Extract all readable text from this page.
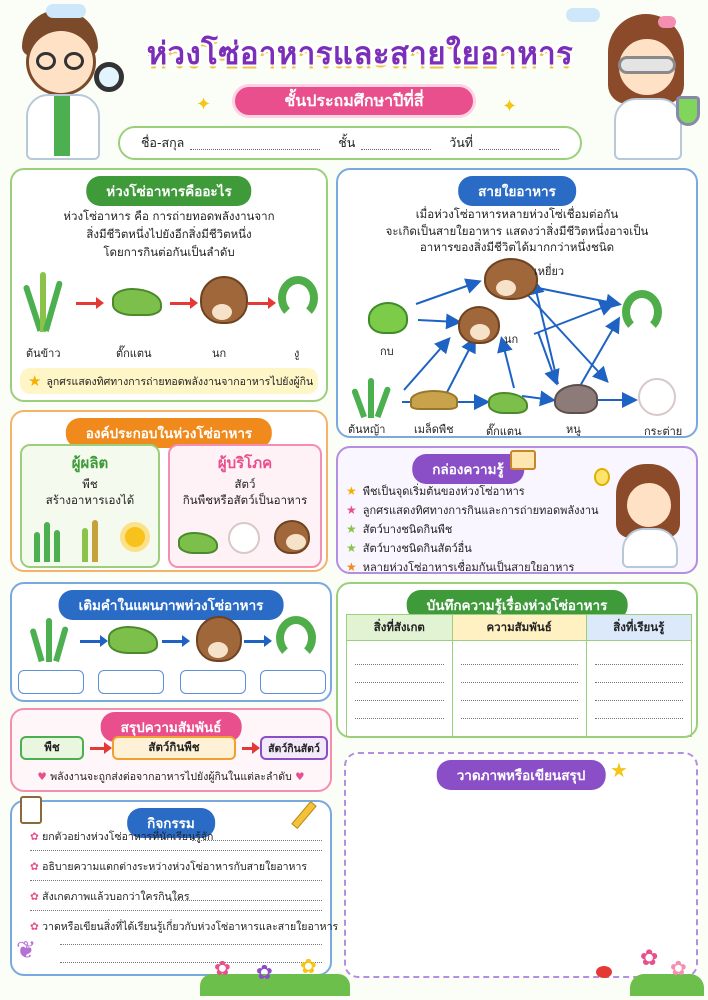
✦	✦
ห่วงโซ่อาหารและสายใยอาหาร
ชั้นประถมศึกษาปีที่สี่
ชื่อ-สกุล	ชั้น	วันที่
ห่วงโซ่อาหารคืออะไร
ห่วงโซ่อาหาร คือ การถ่ายทอดพลังงานจาก
สิ่งมีชีวิตหนึ่งไปยังอีกสิ่งมีชีวิตหนึ่ง
โดยการกินต่อกันเป็นลำดับ
ต้นข้าว	ตั๊กแตน	นก	งู
★ ลูกศรแสดงทิศทางการถ่ายทอดพลังงานจากอาหารไปยังผู้กิน
สายใยอาหาร
เมื่อห่วงโซ่อาหารหลายห่วงโซ่เชื่อมต่อกัน
จะเกิดเป็นสายใยอาหาร แสดงว่าสิ่งมีชีวิตหนึ่งอาจเป็น
อาหารของสิ่งมีชีวิตได้มากกว่าหนึ่งชนิด
เหยี่ยว
กบ
นก
ต้นหญ้า	เมล็ดพืช	ตั๊กแตน	หนู	กระต่าย
องค์ประกอบในห่วงโซ่อาหาร
ผู้ผลิต
พืช
สร้างอาหารเองได้
ผู้บริโภค
สัตว์
กินพืชหรือสัตว์เป็นอาหาร
กล่องความรู้
★ พืชเป็นจุดเริ่มต้นของห่วงโซ่อาหาร
★ ลูกศรแสดงทิศทางการกินและการถ่ายทอดพลังงาน
★ สัตว์บางชนิดกินพืช
★ สัตว์บางชนิดกินสัตว์อื่น
★ หลายห่วงโซ่อาหารเชื่อมกันเป็นสายใยอาหาร
เติมคำในแผนภาพห่วงโซ่อาหาร	บันทึกความรู้เรื่องห่วงโซ่อาหาร
สิ่งที่สังเกต	ความสัมพันธ์	สิ่งที่เรียนรู้

สรุปความสัมพันธ์
พืช	สัตว์กินพืช	สัตว์กินสัตว์
♥ พลังงานจะถูกส่งต่อจากอาหารไปยังผู้กินในแต่ละลำดับ ♥	วาดภาพหรือเขียนสรุป	★
กิจกรรม
✿ ยกตัวอย่างห่วงโซ่อาหารที่นักเรียนรู้จัก
✿ อธิบายความแตกต่างระหว่างห่วงโซ่อาหารกับสายใยอาหาร
✿ สังเกตภาพแล้วบอกว่าใครกินใคร
✿ วาดหรือเขียนสิ่งที่ได้เรียนรู้เกี่ยวกับห่วงโซ่อาหารและสายใยอาหาร
❦
✿ ✿ ✿	✿ ✿
